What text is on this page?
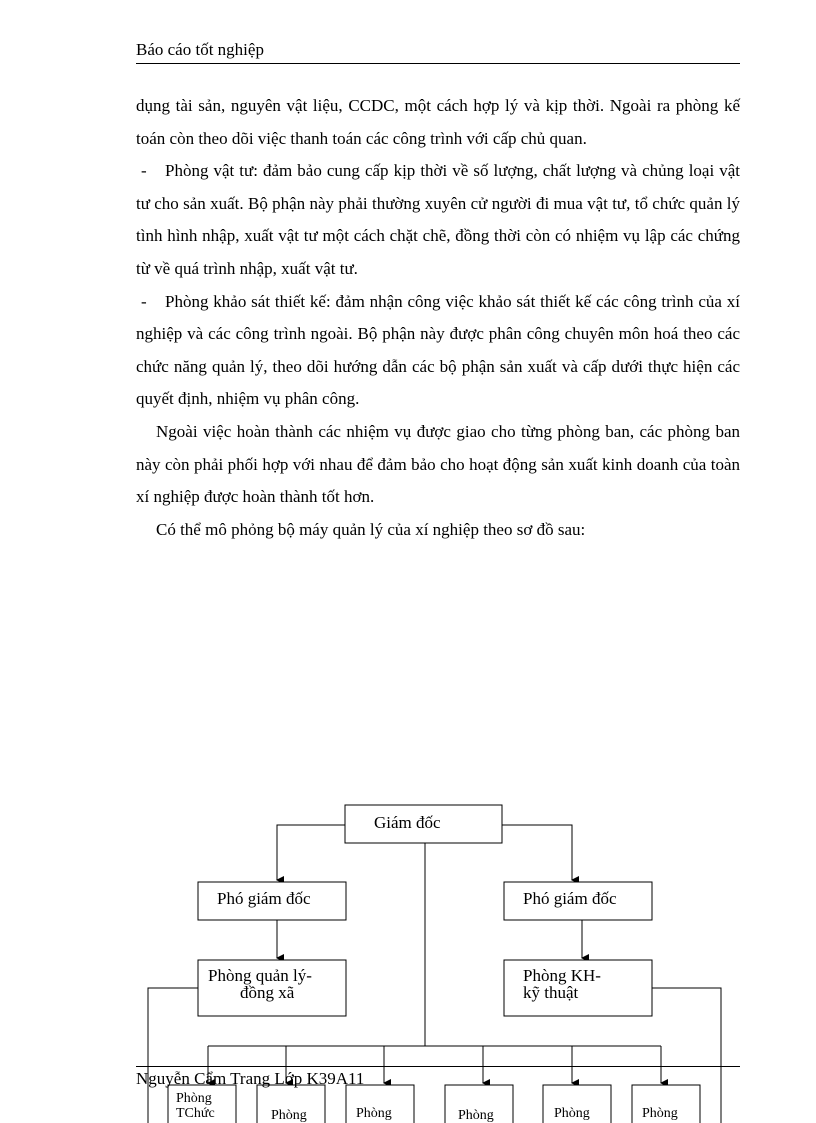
Báo cáo tốt nghiệp

dụng tài sản, nguyên vật liệu, CCDC, một cách hợp lý và kịp thời. Ngoài ra phòng kế toán còn theo dõi việc thanh toán các công trình với cấp chủ quan.

- Phòng vật tư: đảm bảo cung cấp kịp thời về số lượng, chất lượng và chủng loại vật tư cho sản xuất. Bộ phận này phải thường xuyên cử người đi mua vật tư, tổ chức quản lý tình hình nhập, xuất vật tư một cách chặt chẽ, đồng thời còn có nhiệm vụ lập các chứng từ về quá trình nhập, xuất vật tư.

- Phòng khảo sát thiết kế: đảm nhận công việc khảo sát thiết kế các công trình của xí nghiệp và các công trình ngoài. Bộ phận này được phân công chuyên môn hoá theo các chức năng quản lý, theo dõi hướng dẫn các bộ phận sản xuất và cấp dưới thực hiện các quyết định, nhiệm vụ phân công.

Ngoài việc hoàn thành các nhiệm vụ được giao cho từng phòng ban, các phòng ban này còn phải phối hợp với nhau để đảm bảo cho hoạt động sản xuất kinh doanh của toàn xí nghiệp được hoàn thành tốt hơn.

Có thể mô phỏng bộ máy quản lý của xí nghiệp theo sơ đồ sau:

Giám đốc
Phó giám đốc	Phó giám đốc
Phòng quản lý-
đồng xã
Phòng KH-
kỹ thuật
Phòng
TChức	Phòng	Phòng	Phòng	Phòng	Phòng
Nguyễn Cẩm Trang Lớp K39A11
